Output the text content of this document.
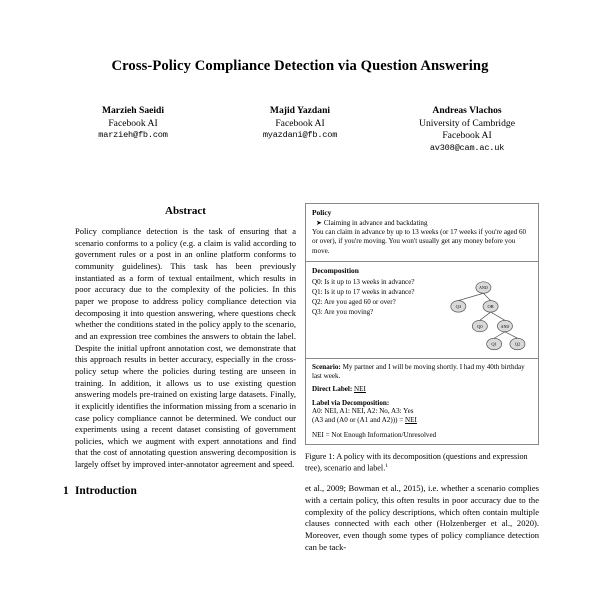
Cross-Policy Compliance Detection via Question Answering
Marzieh Saeidi
Facebook AI
marzieh@fb.com
Majid Yazdani
Facebook AI
myazdani@fb.com
Andreas Vlachos
University of Cambridge
Facebook AI
av308@cam.ac.uk
Abstract
Policy compliance detection is the task of ensuring that a scenario conforms to a policy (e.g. a claim is valid according to government rules or a post in an online platform conforms to community guidelines). This task has been previously instantiated as a form of textual entailment, which results in poor accuracy due to the complexity of the policies. In this paper we propose to address policy compliance detection via decomposing it into question answering, where questions check whether the conditions stated in the policy apply to the scenario, and an expression tree combines the answers to obtain the label. Despite the initial upfront annotation cost, we demonstrate that this approach results in better accuracy, especially in the cross-policy setup where the policies during testing are unseen in training. In addition, it allows us to use existing question answering models pre-trained on existing large datasets. Finally, it explicitly identifies the information missing from a scenario in case policy compliance cannot be determined. We conduct our experiments using a recent dataset consisting of government policies, which we augment with expert annotations and find that the cost of annotating question answering decomposition is largely offset by improved inter-annotator agreement and speed.
1 Introduction
Policy
➤ Claiming in advance and backdating
You can claim in advance by up to 13 weeks (or 17 weeks if you're aged 60 or over), if you're moving. You won't usually get any money before you move.
Decomposition
Q0: Is it up to 13 weeks in advance?
Q1: Is it up to 17 weeks in advance?
Q2: Are you aged 60 or over?
Q3: Are you moving?
AND
Q3	OR
Q0	AND
Q1	Q2
Scenario: My partner and I will be moving shortly. I had my 40th birthday last week.
Direct Label: NEI
Label via Decomposition:
A0: NEI, A1: NEI, A2: No, A3: Yes
(A3 and (A0 or (A1 and A2))) = NEI
NEI = Not Enough Information/Unresolved
Figure 1: A policy with its decomposition (questions and expression tree), scenario and label.$^1$
et al., 2009; Bowman et al., 2015), i.e. whether a scenario complies with a certain policy, this often results in poor accuracy due to the complexity of the policy descriptions, which often contain multiple clauses connected with each other (Holzenberger et al., 2020). Moreover, even though some types of policy compliance detection can be tack-
